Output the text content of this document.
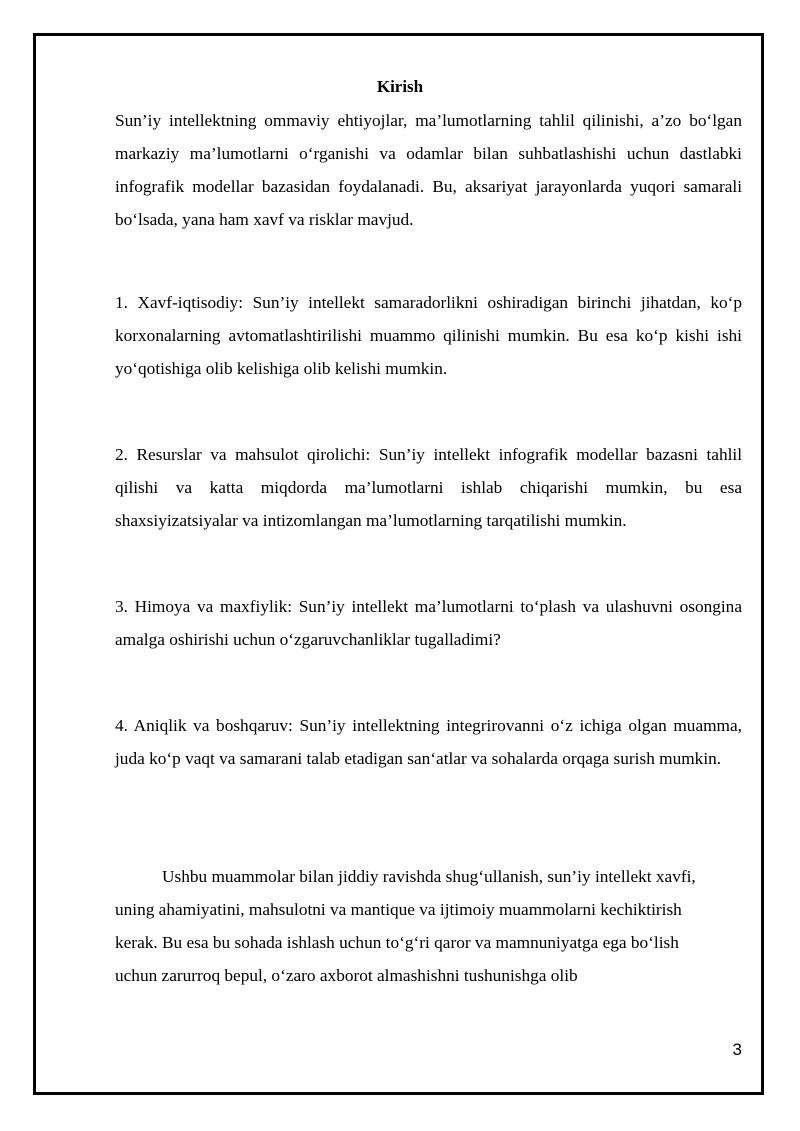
Kirish

Sun’iy intellektning ommaviy ehtiyojlar, ma’lumotlarning tahlil qilinishi, a’zo bo‘lgan markaziy ma’lumotlarni o‘rganishi va odamlar bilan suhbatlashishi uchun dastlabki infografik modellar bazasidan foydalanadi. Bu, aksariyat jarayonlarda yuqori samarali bo‘lsada, yana ham xavf va risklar mavjud.

1. Xavf-iqtisodiy: Sun’iy intellekt samaradorlikni oshiradigan birinchi jihatdan, ko‘p korxonalarning avtomatlashtirilishi muammo qilinishi mumkin. Bu esa ko‘p kishi ishi yo‘qotishiga olib kelishiga olib kelishi mumkin.

2. Resurslar va mahsulot qirolichi: Sun’iy intellekt infografik modellar bazasni tahlil qilishi va katta miqdorda ma’lumotlarni ishlab chiqarishi mumkin, bu esa shaxsiyizatsiyalar va intizomlangan ma’lumotlarning tarqatilishi mumkin.

3. Himoya va maxfiylik: Sun’iy intellekt ma’lumotlarni to‘plash va ulashuvni osongina amalga oshirishi uchun o‘zgaruvchanliklar tugalladimi?

4. Aniqlik va boshqaruv: Sun’iy intellektning integrirovanni o‘z ichiga olgan muamma, juda ko‘p vaqt va samarani talab etadigan san‘atlar va sohalarda orqaga surish mumkin.

Ushbu muammolar bilan jiddiy ravishda shug‘ullanish, sun’iy intellekt xavfi, uning ahamiyatini, mahsulotni va mantique va ijtimoiy muammolarni kechiktirish kerak. Bu esa bu sohada ishlash uchun to‘g‘ri qaror va mamnuniyatga ega bo‘lish uchun zarurroq bepul, o‘zaro axborot almashishni tushunishga olib

3
